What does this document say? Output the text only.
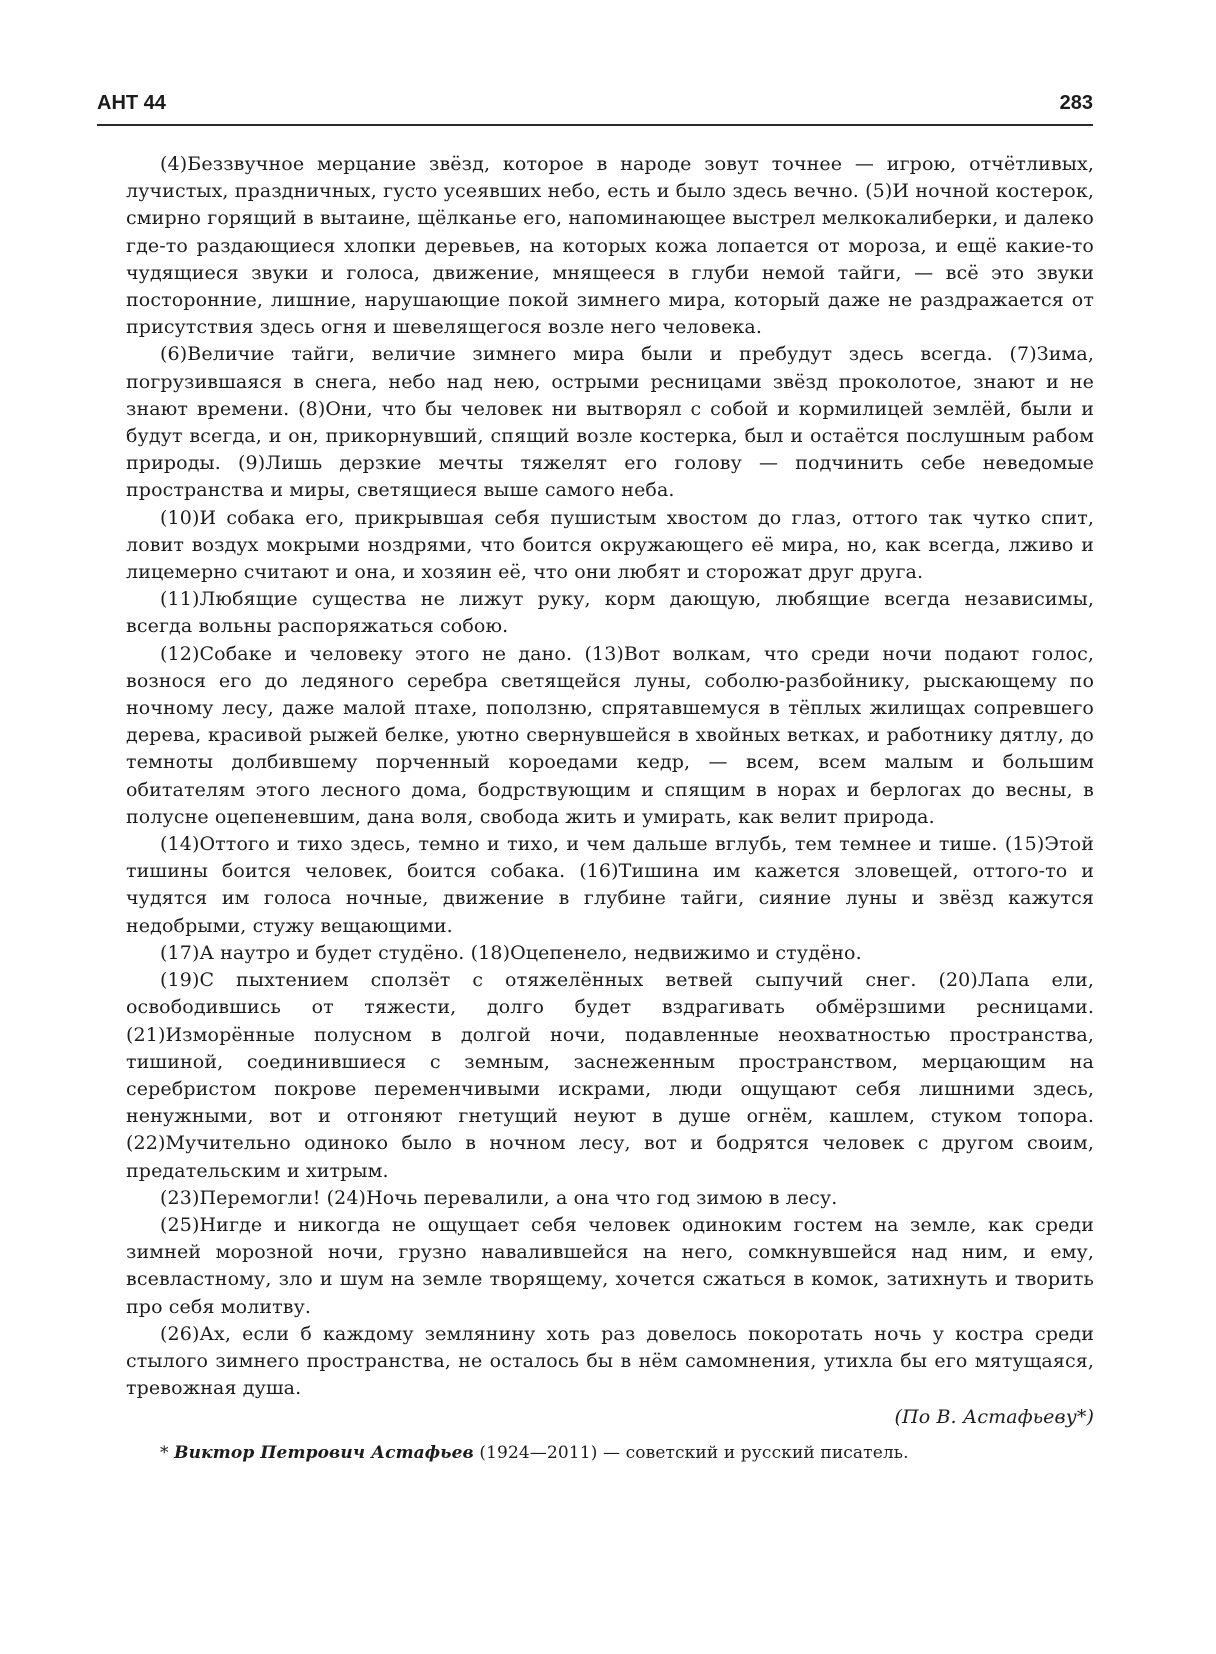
АНТ 44	283

(4)Беззвучное мерцание звёзд, которое в народе зовут точнее — игрою, отчётливых, лучистых, праздничных, густо усеявших небо, есть и было здесь вечно. (5)И ночной костерок, смирно горящий в вытаине, щёлканье его, напоминающее выстрел мелкокалиберки, и далеко где-то раздающиеся хлопки деревьев, на которых кожа лопается от мороза, и ещё какие-то чудящиеся звуки и голоса, движение, мнящееся в глуби немой тайги, — всё это звуки посторонние, лишние, нарушающие покой зимнего мира, который даже не раздражается от присутствия здесь огня и шевелящегося возле него человека.

(6)Величие тайги, величие зимнего мира были и пребудут здесь всегда. (7)Зима, погрузившаяся в снега, небо над нею, острыми ресницами звёзд проколотое, знают и не знают времени. (8)Они, что бы человек ни вытворял с собой и кормилицей землёй, были и будут всегда, и он, прикорнувший, спящий возле костерка, был и остаётся послушным рабом природы. (9)Лишь дерзкие мечты тяжелят его голову — подчинить себе неведомые пространства и миры, светящиеся выше самого неба.

(10)И собака его, прикрывшая себя пушистым хвостом до глаз, оттого так чутко спит, ловит воздух мокрыми ноздрями, что боится окружающего её мира, но, как всегда, лживо и лицемерно считают и она, и хозяин её, что они любят и сторожат друг друга.

(11)Любящие существа не лижут руку, корм дающую, любящие всегда независимы, всегда вольны распоряжаться собою.

(12)Собаке и человеку этого не дано. (13)Вот волкам, что среди ночи подают голос, вознося его до ледяного серебра светящейся луны, соболю-разбойнику, рыскающему по ночному лесу, даже малой птахе, поползню, спрятавшемуся в тёплых жилищах сопревшего дерева, красивой рыжей белке, уютно свернувшейся в хвойных ветках, и работнику дятлу, до темноты долбившему порченный короедами кедр, — всем, всем малым и большим обитателям этого лесного дома, бодрствующим и спящим в норах и берлогах до весны, в полусне оцепеневшим, дана воля, свобода жить и умирать, как велит природа.

(14)Оттого и тихо здесь, темно и тихо, и чем дальше вглубь, тем темнее и тише. (15)Этой тишины боится человек, боится собака. (16)Тишина им кажется зловещей, оттого-то и чудятся им голоса ночные, движение в глубине тайги, сияние луны и звёзд кажутся недобрыми, стужу вещающими.

(17)А наутро и будет студёно. (18)Оцепенело, недвижимо и студёно.

(19)С пыхтением сползёт с отяжелённых ветвей сыпучий снег. (20)Лапа ели, освободившись от тяжести, долго будет вздрагивать обмёрзшими ресницами. (21)Измоpённые полусном в долгой ночи, подавленные неохватностью пространства, тишиной, соединившиеся с земным, заснеженным пространством, мерцающим на серебристом покрове переменчивыми искрами, люди ощущают себя лишними здесь, ненужными, вот и отгоняют гнетущий неуют в душе огнём, кашлем, стуком топора. (22)Мучительно одиноко было в ночном лесу, вот и бодрятся человек с другом своим, предательским и хитрым.

(23)Перемогли! (24)Ночь перевалили, а она что год зимою в лесу.

(25)Нигде и никогда не ощущает себя человек одиноким гостем на земле, как среди зимней морозной ночи, грузно навалившейся на него, сомкнувшейся над ним, и ему, всевластному, зло и шум на земле творящему, хочется сжаться в комок, затихнуть и творить про себя молитву.

(26)Ах, если б каждому землянину хоть раз довелось покоротать ночь у костра среди стылого зимнего пространства, не осталось бы в нём самомнения, утихла бы его мятущаяся, тревожная душа.

(По В. Астафьеву*)
* Виктор Петрович Астафьев (1924—2011) — советский и русский писатель.
